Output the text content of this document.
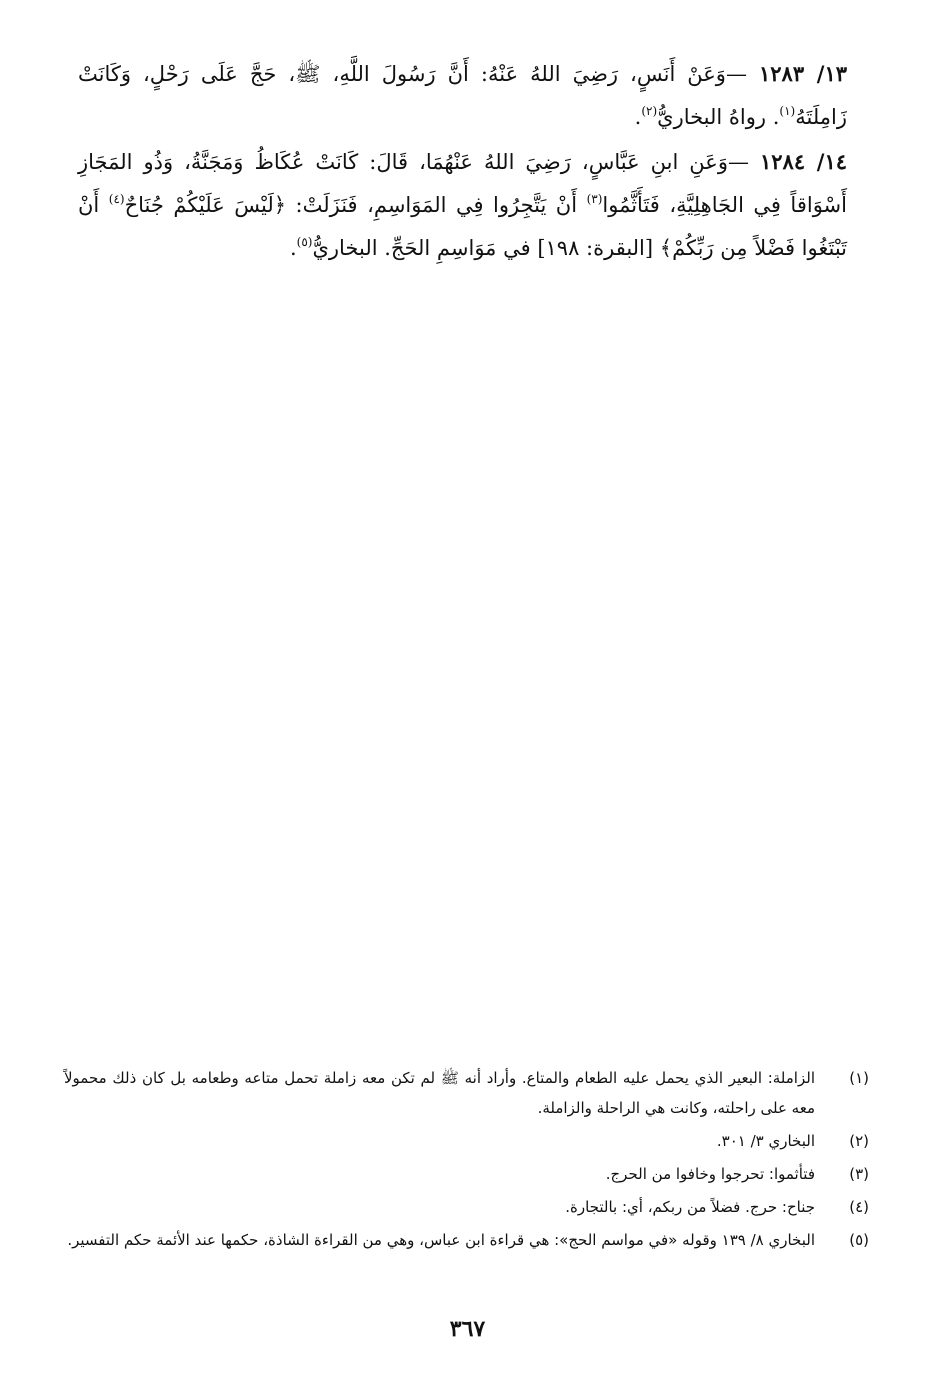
١٣/ ١٢٨٣ —وَعَنْ أَنَسٍ، رَضِيَ اللهُ عَنْهُ: أَنَّ رَسُولَ اللَّهِ، ﷺ، حَجَّ عَلَى رَحْلٍ، وَكَانَتْ زَامِلَتَهُ$^{(١)}$. رواهُ البخاريُّ$^{(٢)}$.

١٤/ ١٢٨٤ —وَعَنِ ابنِ عَبَّاسٍ، رَضِيَ اللهُ عَنْهُمَا، قَالَ: كَانَتْ عُكَاظُ وَمَجَنَّةُ، وَذُو المَجَازِ أَسْوَاقاً فِي الجَاهِلِيَّةِ، فَتَأَثَّمُوا$^{(٣)}$ أَنْ يَتَّجِرُوا فِي المَوَاسِمِ، فَنَزَلَتْ: ﴿لَيْسَ عَلَيْكُمْ جُنَاحٌ$^{(٤)}$ أَنْ تَبْتَغُوا فَضْلاً مِن رَبِّكُمْ﴾ [البقرة: ١٩٨] في مَوَاسِمِ الحَجِّ. البخاريُّ$^{(٥)}$.

(١)
الزاملة: البعير الذي يحمل عليه الطعام والمتاع. وأراد أنه ﷺ لم تكن معه زاملة تحمل متاعه وطعامه بل كان ذلك محمولاً معه على راحلته، وكانت هي الراحلة والزاملة.
(٢)
البخاري ٣/ ٣٠١.
(٣)
فتأثموا: تحرجوا وخافوا من الحرج.
(٤)
جناح: حرج. فضلاً من ربكم، أي: بالتجارة.
(٥)
البخاري ٨/ ١٣٩ وقوله «في مواسم الحج»: هي قراءة ابن عباس، وهي من القراءة الشاذة، حكمها عند الأئمة حكم التفسير.
٣٦٧
